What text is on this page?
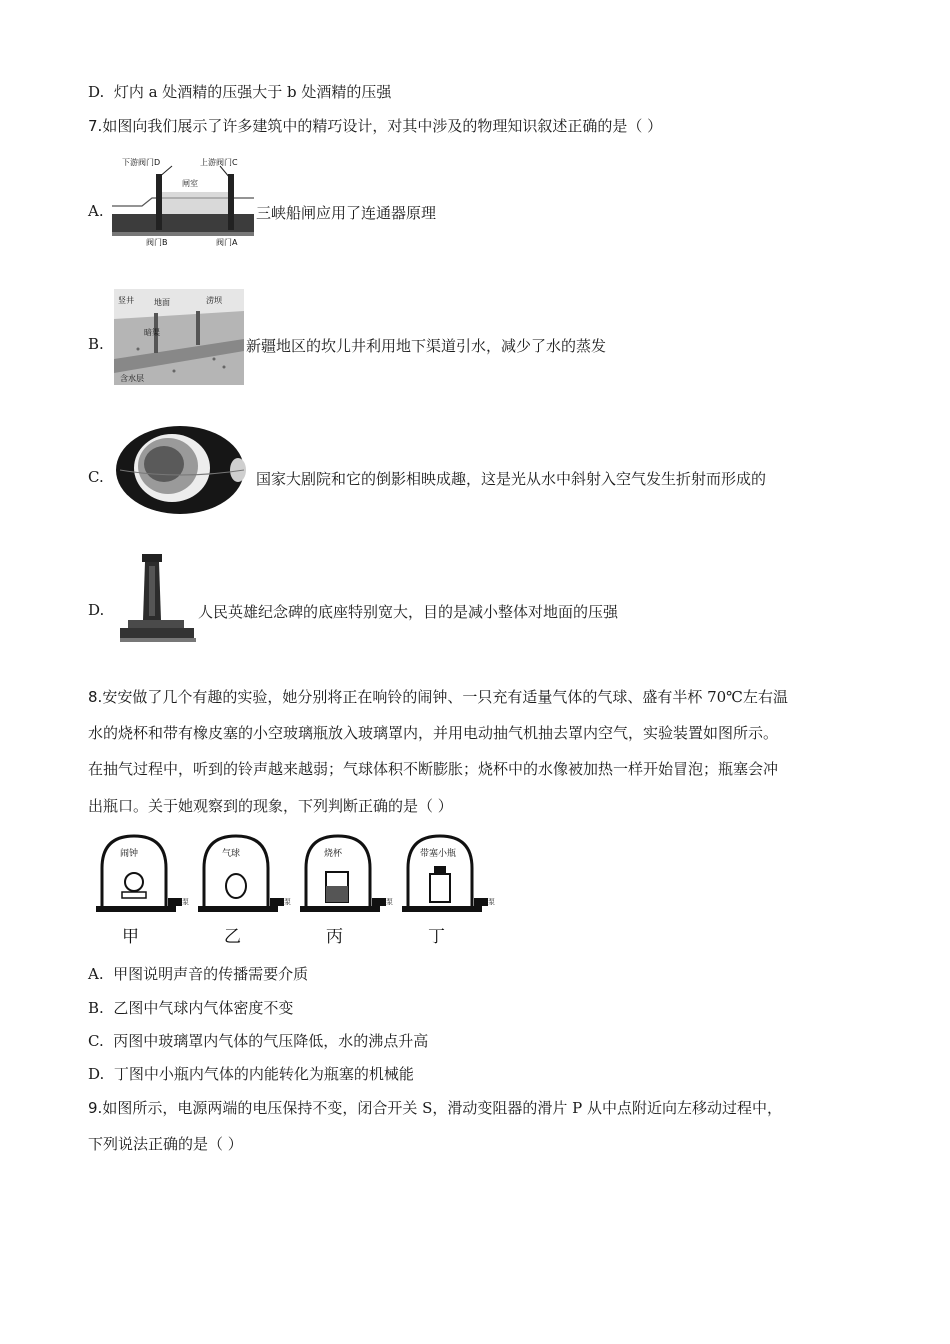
D. 灯内 a 处酒精的压强大于 b 处酒精的压强
7.如图向我们展示了许多建筑中的精巧设计，对其中涉及的物理知识叙述正确的是（ ）
A.
下游阀门D	上游阀门C
闸室
阀门B	阀门A
三峡船闸应用了连通器原理
B.
竖井	地面
暗渠
涝坝
含水层
新疆地区的坎儿井利用地下渠道引水，减少了水的蒸发
C.	国家大剧院和它的倒影相映成趣，这是光从水中斜射入空气发生折射而形成的
D.	人民英雄纪念碑的底座特别宽大，目的是减小整体对地面的压强
8.安安做了几个有趣的实验，她分别将正在响铃的闹钟、一只充有适量气体的气球、盛有半杯 70℃左右温
水的烧杯和带有橡皮塞的小空玻璃瓶放入玻璃罩内，并用电动抽气机抽去罩内空气，实验装置如图所示。
在抽气过程中，听到的铃声越来越弱；气球体积不断膨胀；烧杯中的水像被加热一样开始冒泡；瓶塞会冲
出瓶口。关于她观察到的现象，下列判断正确的是（ ）
闹钟
泵
甲
气球
泵
乙
烧杯
泵
丙
带塞小瓶
泵
丁
A. 甲图说明声音的传播需要介质
B. 乙图中气球内气体密度不变
C. 丙图中玻璃罩内气体的气压降低，水的沸点升高
D. 丁图中小瓶内气体的内能转化为瓶塞的机械能
9.如图所示，电源两端的电压保持不变，闭合开关 S，滑动变阻器的滑片 P 从中点附近向左移动过程中，
下列说法正确的是（ ）
